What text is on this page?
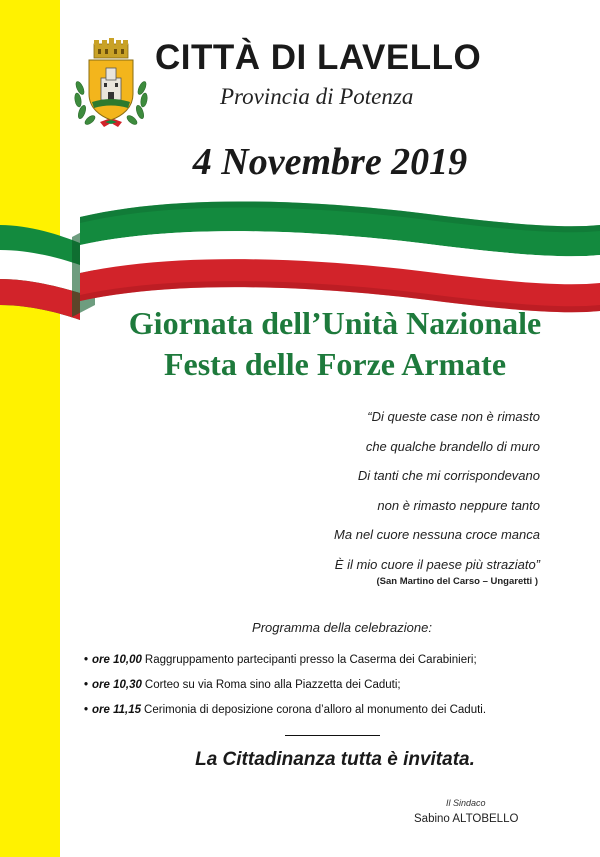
CITTÀ DI LAVELLO
Provincia di Potenza
4 Novembre 2019
Giornata dell’Unità Nazionale
Festa delle Forze Armate
“Di queste case non è rimasto
che qualche brandello di muro
Di tanti che mi corrispondevano
non è rimasto neppure tanto
Ma nel cuore nessuna croce manca
È il mio cuore il paese più straziato”
(San Martino del Carso – Ungaretti )
Programma della celebrazione:
• ore 10,00 Raggruppamento partecipanti presso la Caserma dei Carabinieri;
• ore 10,30 Corteo su via Roma sino alla Piazzetta dei Caduti;
• ore 11,15 Cerimonia di deposizione corona d’alloro al monumento dei Caduti.
La Cittadinanza tutta è invitata.
Il Sindaco
Sabino ALTOBELLO
